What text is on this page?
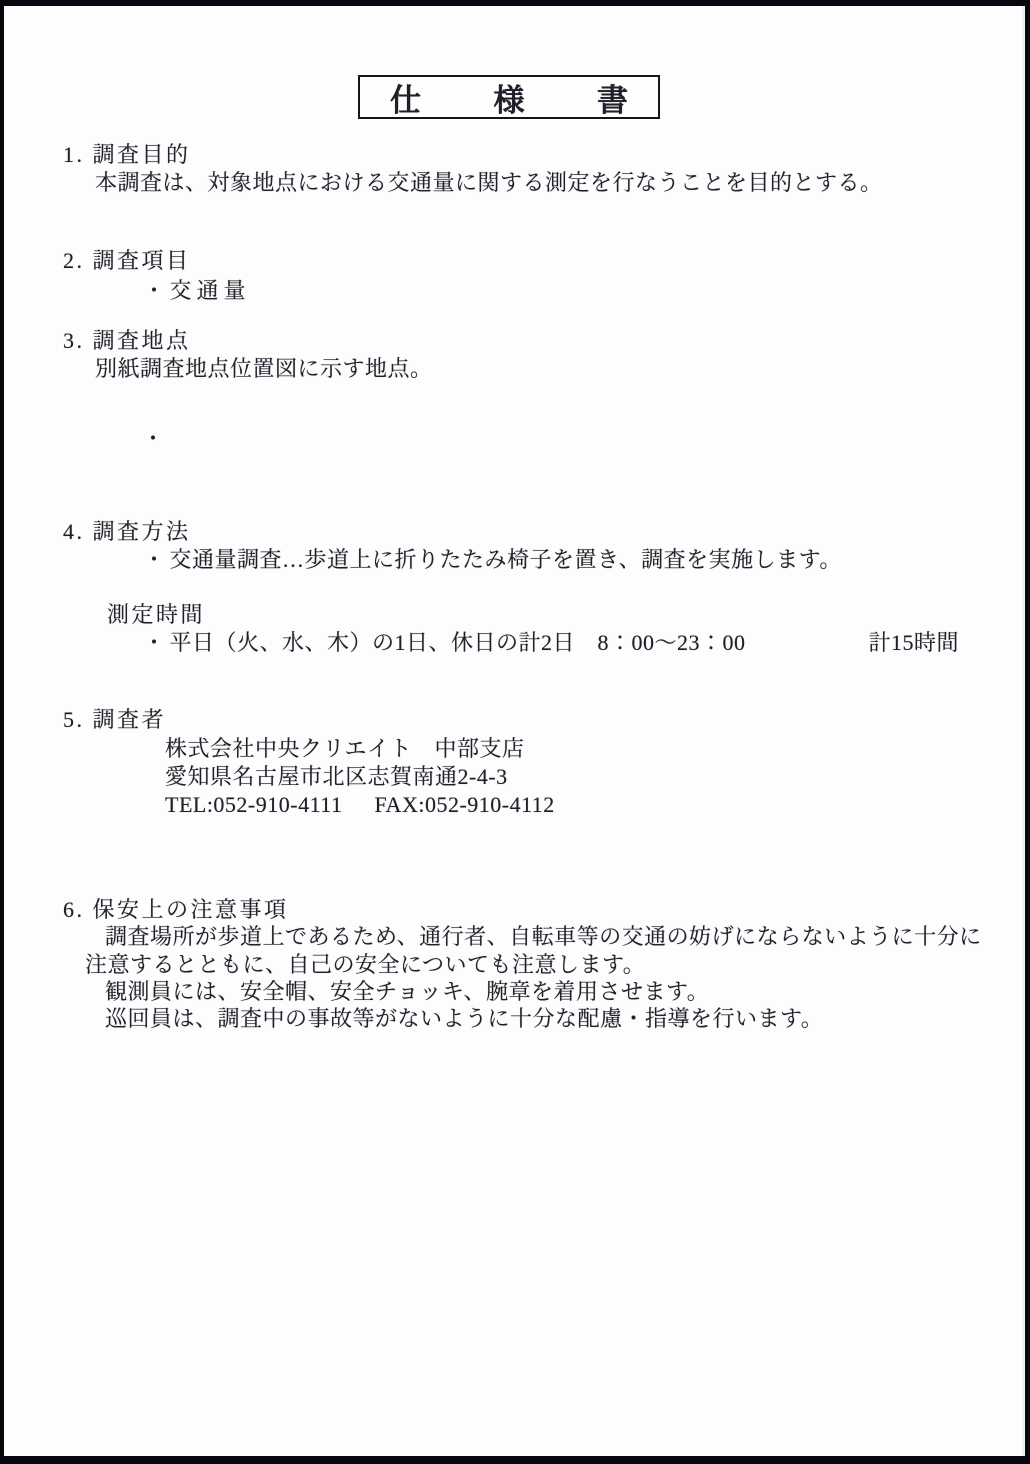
仕 様 書
1. 調査目的
本調査は、対象地点における交通量に関する測定を行なうことを目的とする。
2. 調査項目
・ 交通量
3. 調査地点
別紙調査地点位置図に示す地点。
・
4. 調査方法
・ 交通量調査…歩道上に折りたたみ椅子を置き、調査を実施します。
測定時間
・ 平日（火、水、木）の1日、休日の計2日　8：00～23：00	計15時間
5. 調査者
株式会社中央クリエイト　中部支店
愛知県名古屋市北区志賀南通2-4-3
TEL:052-910-4111 FAX:052-910-4112
6. 保安上の注意事項
調査場所が歩道上であるため、通行者、自転車等の交通の妨げにならないように十分に
注意するとともに、自己の安全についても注意します。
観測員には、安全帽、安全チョッキ、腕章を着用させます。
巡回員は、調査中の事故等がないように十分な配慮・指導を行います。
